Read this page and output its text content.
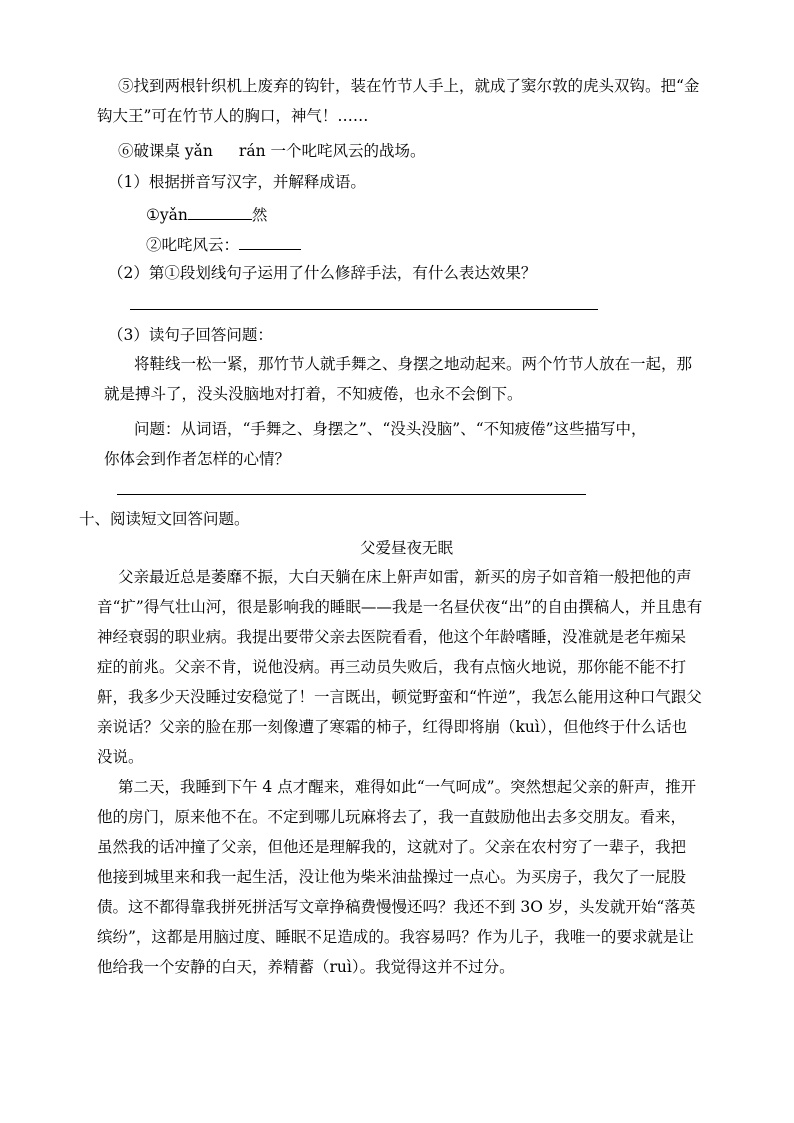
⑤找到两根针织机上废弃的钩针，装在竹节人手上，就成了窦尔敦的虎头双钩。把“金
钩大王”可在竹节人的胸口，神气！……
⑥破课桌 yǎn rán 一个叱咤风云的战场。
（1）根据拼音写汉字，并解释成语。
①yǎn	然
②叱咤风云：
（2）第①段划线句子运用了什么修辞手法，有什么表达效果？
（3）读句子回答问题：
将鞋线一松一紧，那竹节人就手舞之、身摆之地动起来。两个竹节人放在一起，那
就是搏斗了，没头没脑地对打着，不知疲倦，也永不会倒下。
问题：从词语，“手舞之、身摆之”、“没头没脑”、“不知疲倦”这些描写中，
你体会到作者怎样的心情？
十、阅读短文回答问题。
父爱昼夜无眠
父亲最近总是萎靡不振，大白天躺在床上鼾声如雷，新买的房子如音箱一般把他的声
音“扩”得气壮山河，很是影响我的睡眠——我是一名昼伏夜“出”的自由撰稿人，并且患有
神经衰弱的职业病。我提出要带父亲去医院看看，他这个年龄嗜睡，没准就是老年痴呆
症的前兆。父亲不肯，说他没病。再三动员失败后，我有点恼火地说，那你能不能不打
鼾，我多少天没睡过安稳觉了！一言既出，顿觉野蛮和“忤逆”，我怎么能用这种口气跟父
亲说话？父亲的脸在那一刻像遭了寒霜的柿子，红得即将崩（kuì），但他终于什么话也
没说。
第二天，我睡到下午 4 点才醒来，难得如此“一气呵成”。突然想起父亲的鼾声，推开
他的房门，原来他不在。不定到哪儿玩麻将去了，我一直鼓励他出去多交朋友。看来，
虽然我的话冲撞了父亲，但他还是理解我的，这就对了。父亲在农村穷了一辈子，我把
他接到城里来和我一起生活，没让他为柴米油盐操过一点心。为买房子，我欠了一屁股
债。这不都得靠我拼死拼活写文章挣稿费慢慢还吗？我还不到 3O 岁，头发就开始“落英
缤纷”，这都是用脑过度、睡眠不足造成的。我容易吗？作为儿子，我唯一的要求就是让
他给我一个安静的白天，养精蓄（ruì）。我觉得这并不过分。
